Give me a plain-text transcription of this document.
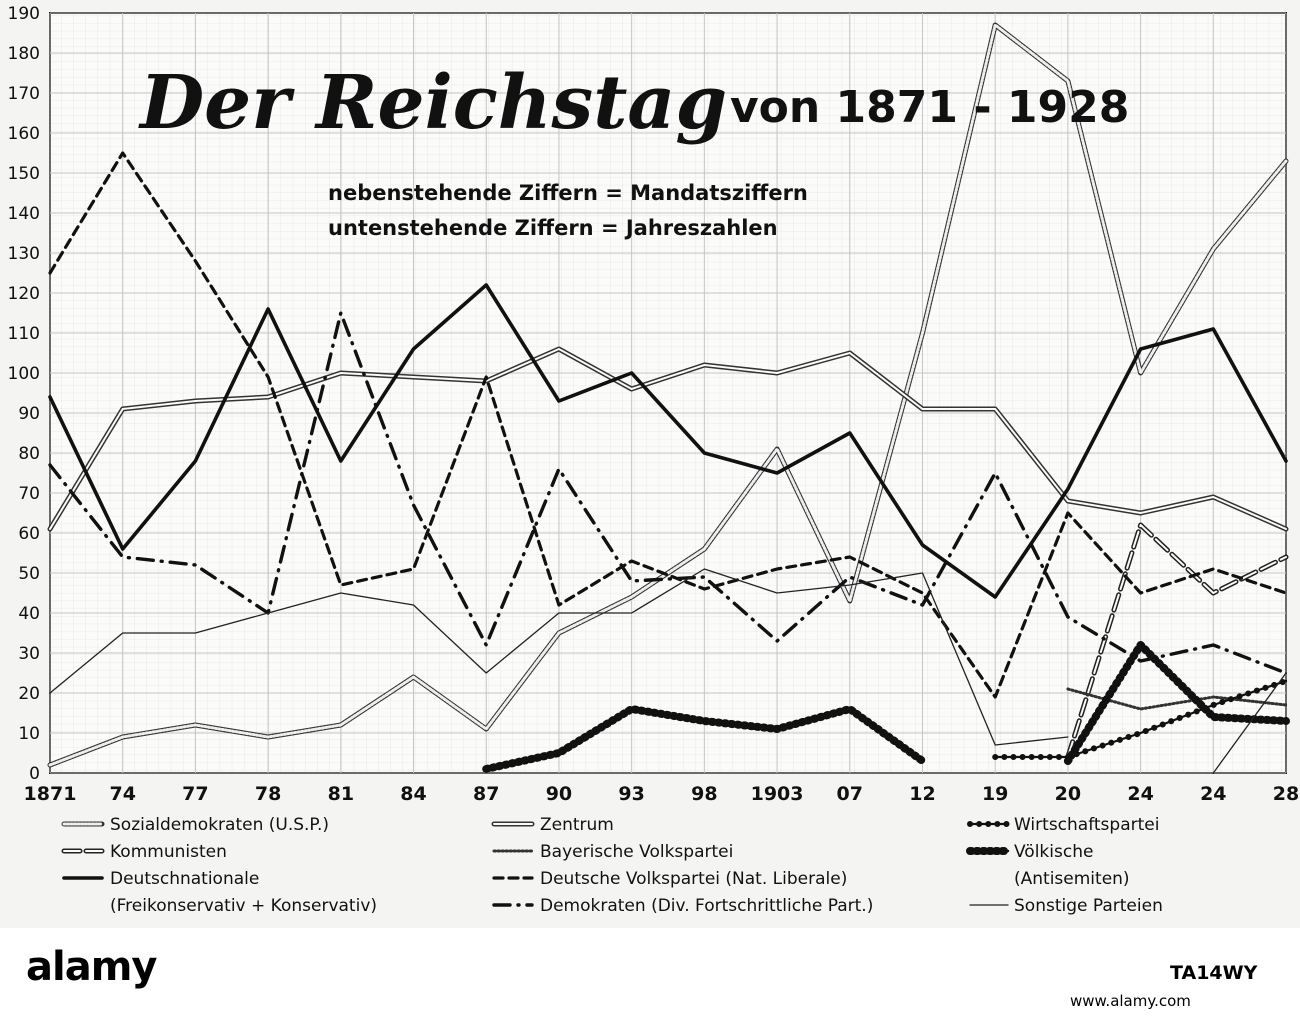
0
10
20
30
40
50
60
70
80
90
100
110
120
130
140
150
160
170
180
190
1871 74 77 78 81 84 87 90 93 98 1903 07 12 19 20 24 24 28
Der Reichstag von 1871 - 1928
nebenstehende Ziffern = Mandatsziffern
untenstehende Ziffern = Jahreszahlen
Sozialdemokraten (U.S.P.)	Zentrum	Wirtschaftspartei
Kommunisten	Bayerische Volkspartei	Völkische
Deutschnationale	Deutsche Volkspartei (Nat. Liberale)	(Antisemiten)
(Freikonservativ + Konservativ)	Demokraten (Div. Fortschrittliche Part.)	Sonstige Parteien
alamy	TA14WY
www.alamy.com
